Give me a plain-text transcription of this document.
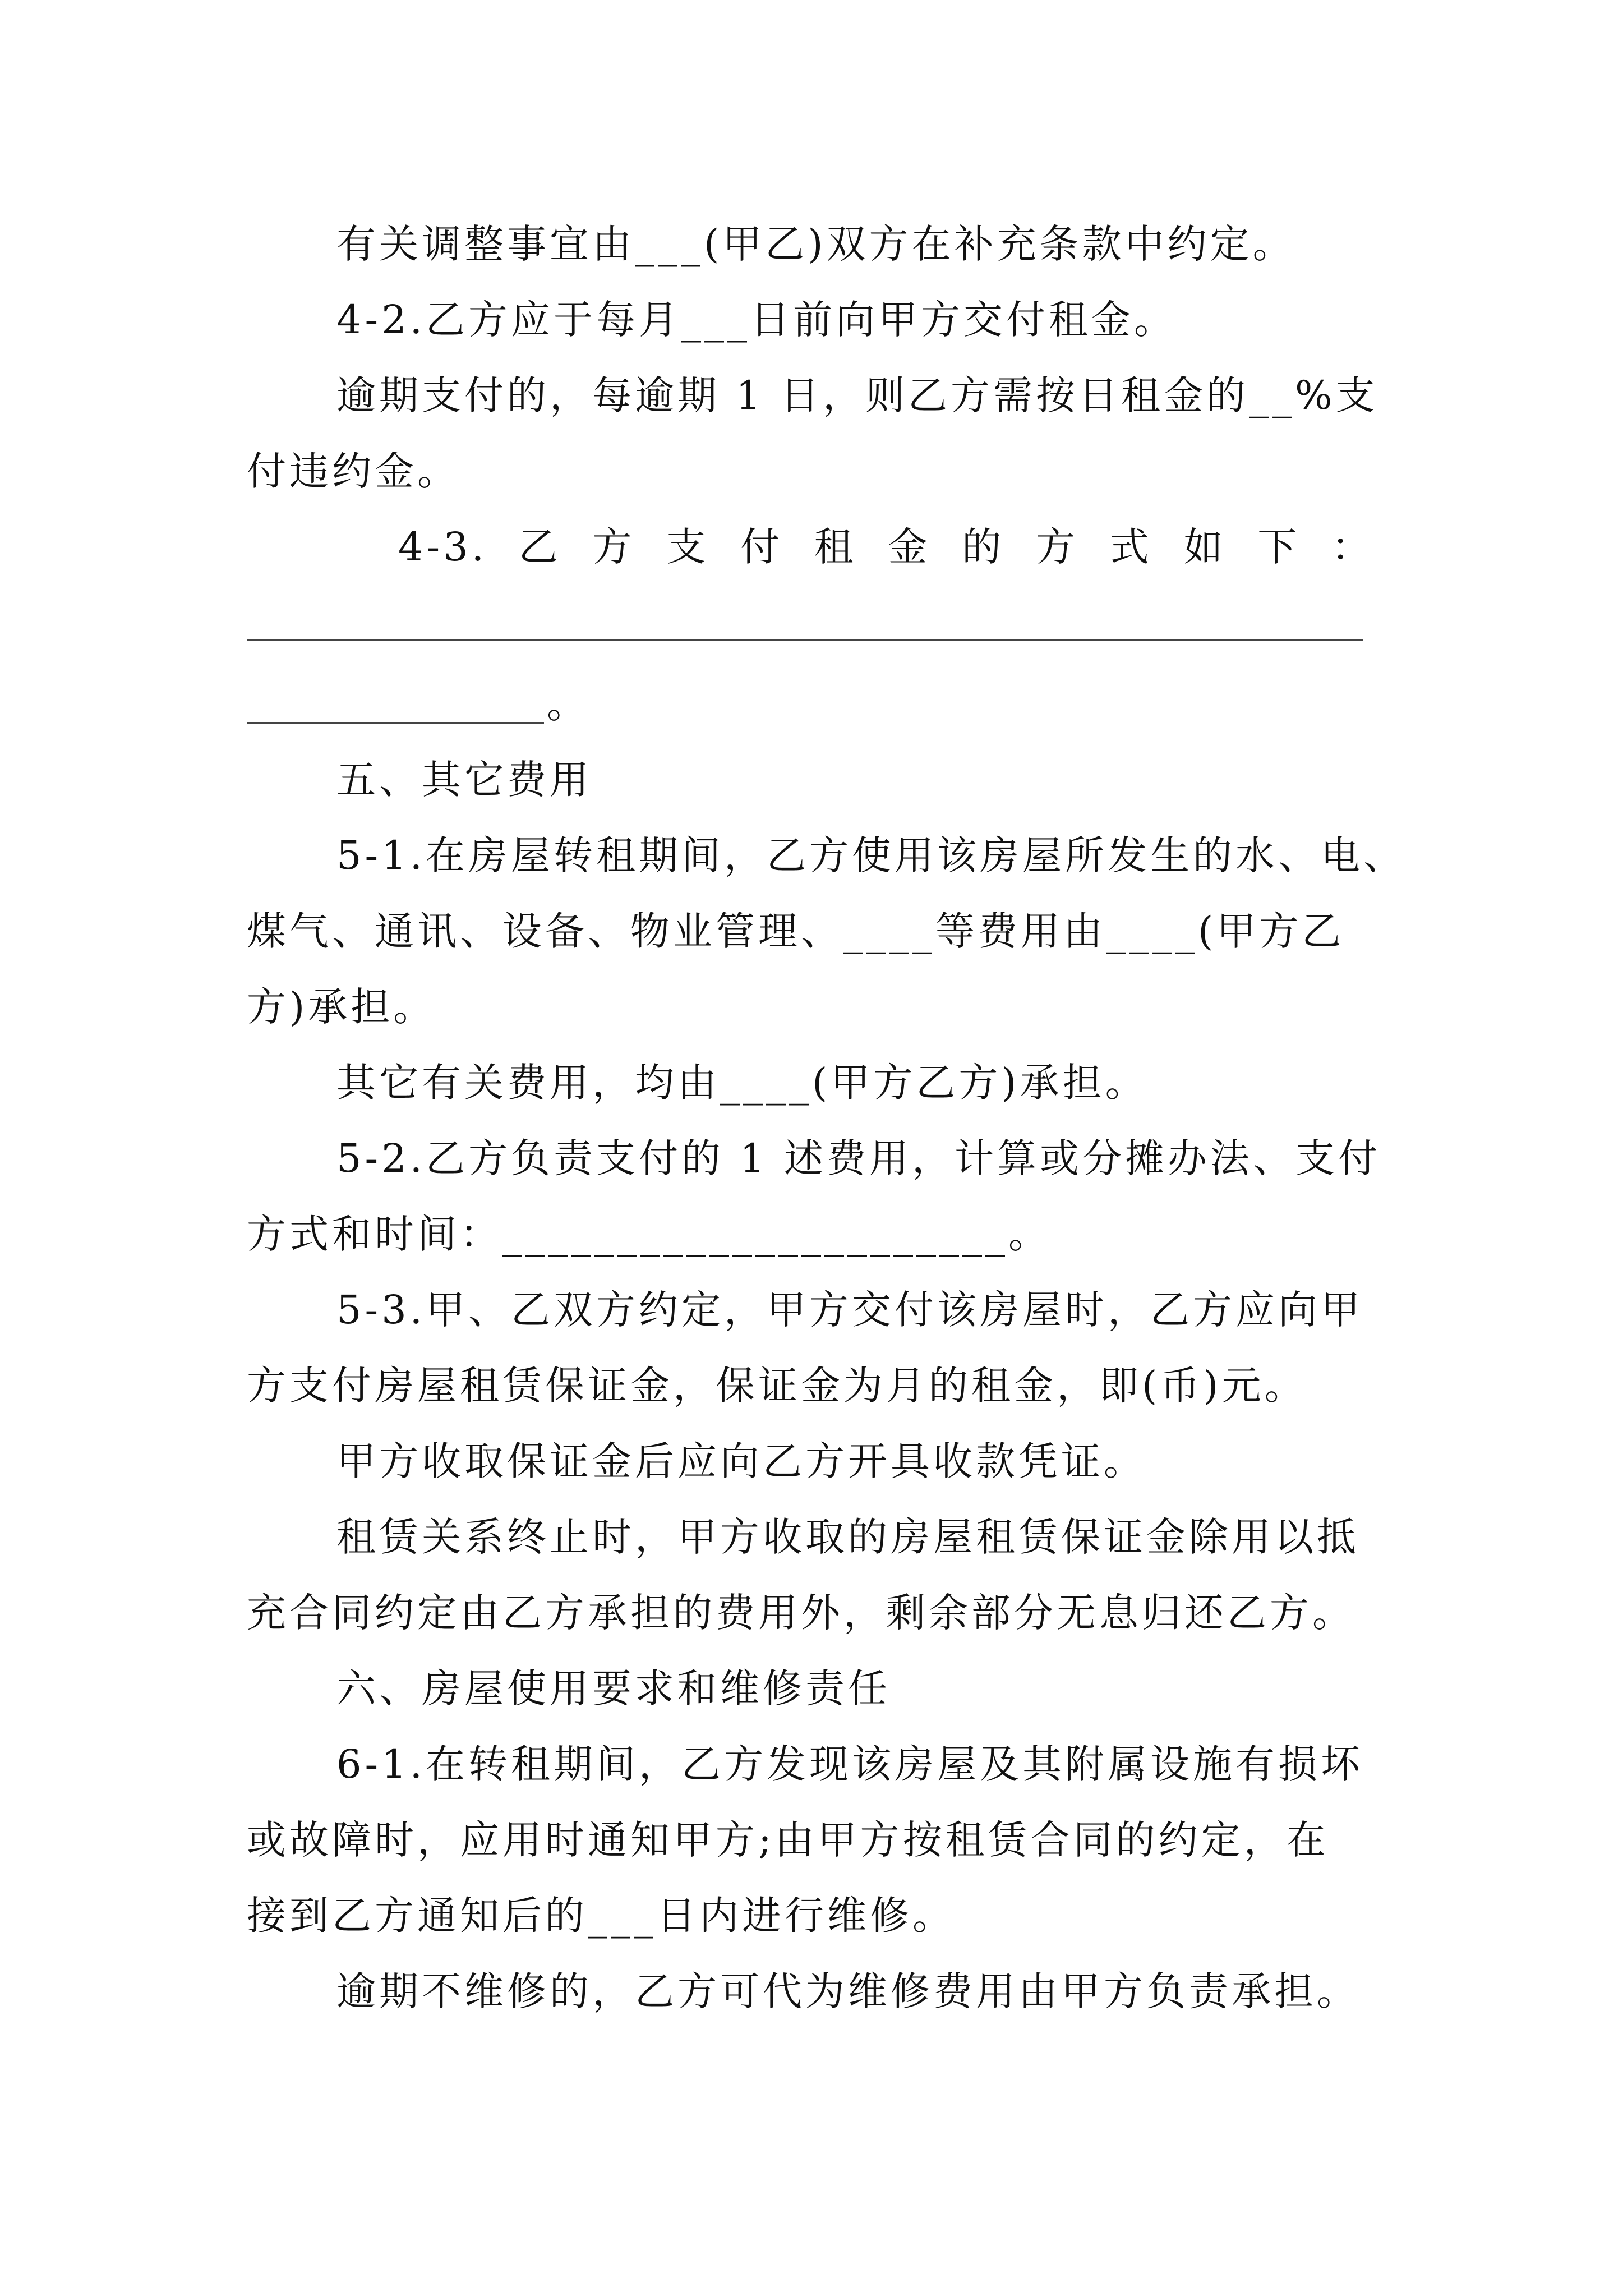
有关调整事宜由___(甲乙)双方在补充条款中约定。
4-2.乙方应于每月___日前向甲方交付租金。
逾期支付的，每逾期 1 日，则乙方需按日租金的__%支
付违约金。
4-3. 乙 方 支 付 租 金 的 方 式 如 下 ：
。
五、其它费用
5-1.在房屋转租期间，乙方使用该房屋所发生的水、电、
煤气、通讯、设备、物业管理、____等费用由____(甲方乙
方)承担。
其它有关费用，均由____(甲方乙方)承担。
5-2.乙方负责支付的 1 述费用，计算或分摊办法、支付
方式和时间：______________________。
5-3.甲、乙双方约定，甲方交付该房屋时，乙方应向甲
方支付房屋租赁保证金，保证金为月的租金，即(币)元。
甲方收取保证金后应向乙方开具收款凭证。
租赁关系终止时，甲方收取的房屋租赁保证金除用以抵
充合同约定由乙方承担的费用外，剩余部分无息归还乙方。
六、房屋使用要求和维修责任
6-1.在转租期间，乙方发现该房屋及其附属设施有损坏
或故障时，应用时通知甲方;由甲方按租赁合同的约定，在
接到乙方通知后的___日内进行维修。
逾期不维修的，乙方可代为维修费用由甲方负责承担。
